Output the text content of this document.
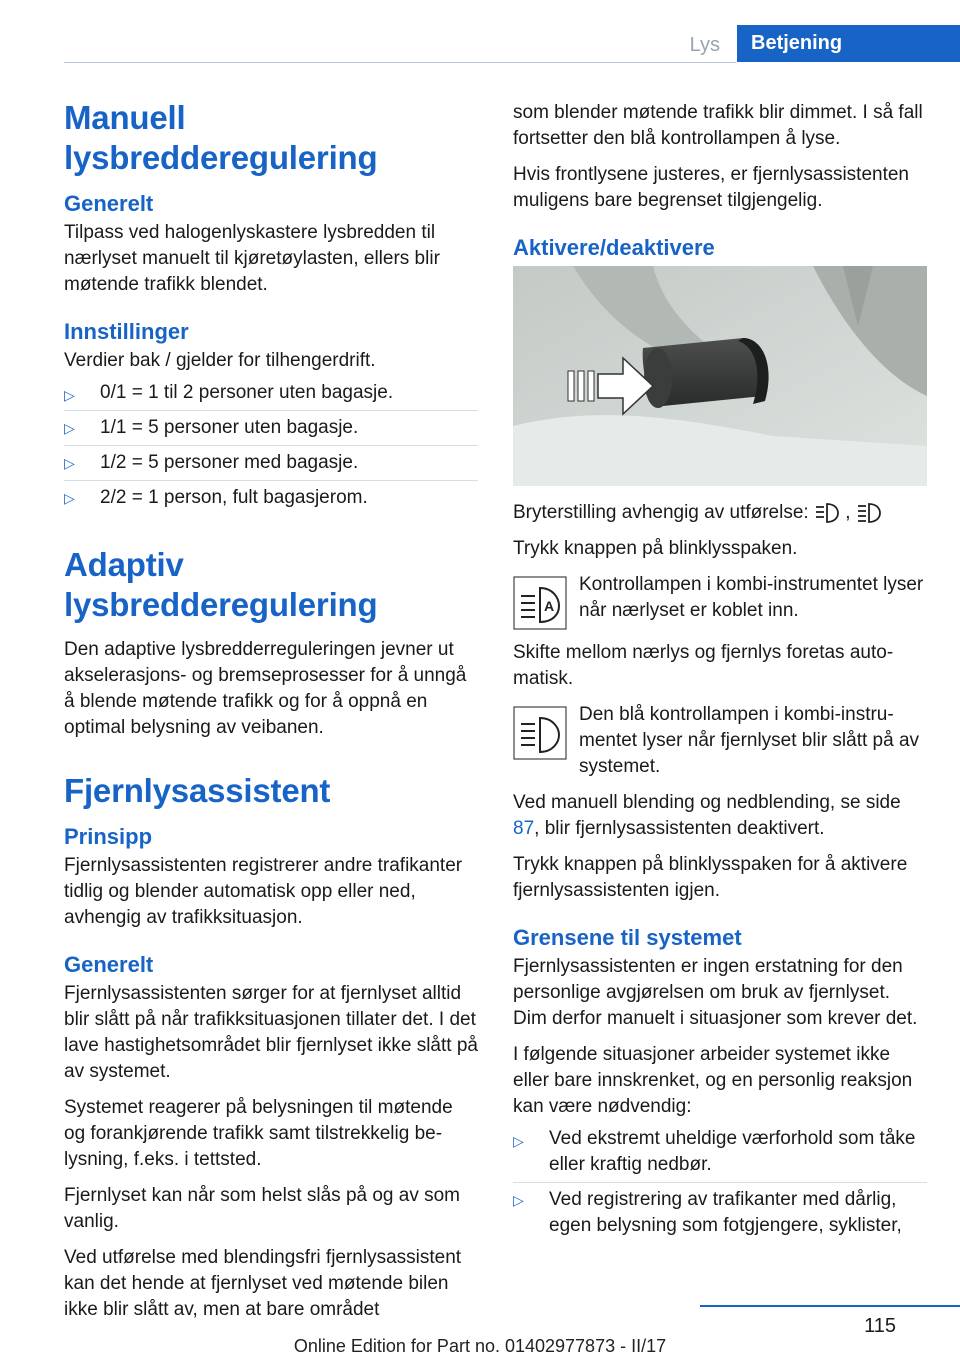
Lys	Betjening
Manuell lysbredderegulering
Generelt

Tilpass ved halogenlyskastere lysbredden til nærlyset manuelt til kjøretøylasten, ellers blir møtende trafikk blendet.

Innstillinger

Verdier bak / gjelder for tilhengerdrift.

▷ 0/1 = 1 til 2 personer uten bagasje.
▷ 1/1 = 5 personer uten bagasje.
▷ 1/2 = 5 personer med bagasje.
▷ 2/2 = 1 person, fult bagasjerom.
Adaptiv lysbredderegulering

Den adaptive lysbredderreguleringen jevner ut akselerasjons- og bremseprosesser for å unngå å blende møtende trafikk og for å oppnå en optimal belysning av veibanen.

Fjernlysassistent
Prinsipp

Fjernlysassistenten registrerer andre trafikanter tidlig og blender automatisk opp eller ned, avhengig av trafikksituasjon.

Generelt

Fjernlysassistenten sørger for at fjernlyset alltid blir slått på når trafikksituasjonen tillater det. I det lave hastighetsområdet blir fjernlyset ikke slått på av systemet.

Systemet reagerer på belysningen til møtende og forankjørende trafikk samt tilstrekkelig belysning, f.eks. i tettsted.

Fjernlyset kan når som helst slås på og av som vanlig.

Ved utførelse med blendingsfri fjernlysassistent kan det hende at fjernlyset ved møtende bilen ikke blir slått av, men at bare området

som blender møtende trafikk blir dimmet. I så fall fortsetter den blå kontrollampen å lyse.

Hvis frontlysene justeres, er fjernlysassistenten muligens bare begrenset tilgjengelig.

Aktivere/deaktivere

Bryterstilling avhengig av utførelse: ,

Trykk knappen på blinklysspaken.

A
Kontrollampen i kombi-instrumentet lyser når nærlyset er koblet inn.

Skifte mellom nærlys og fjernlys foretas automatisk.

Den blå kontrollampen i kombi-instrumentet lyser når fjernlyset blir slått på av systemet.

Ved manuell blending og nedblending, se side 87, blir fjernlysassistenten deaktivert.

Trykk knappen på blinklysspaken for å aktivere fjernlysassistenten igjen.

Grensene til systemet

Fjernlysassistenten er ingen erstatning for den personlige avgjørelsen om bruk av fjernlyset. Dim derfor manuelt i situasjoner som krever det.

I følgende situasjoner arbeider systemet ikke eller bare innskrenket, og en personlig reaksjon kan være nødvendig:

▷ Ved ekstremt uheldige værforhold som tåke eller kraftig nedbør.
▷ Ved registrering av trafikanter med dårlig, egen belysning som fotgjengere, syklister,
115
Online Edition for Part no. 01402977873 - II/17
